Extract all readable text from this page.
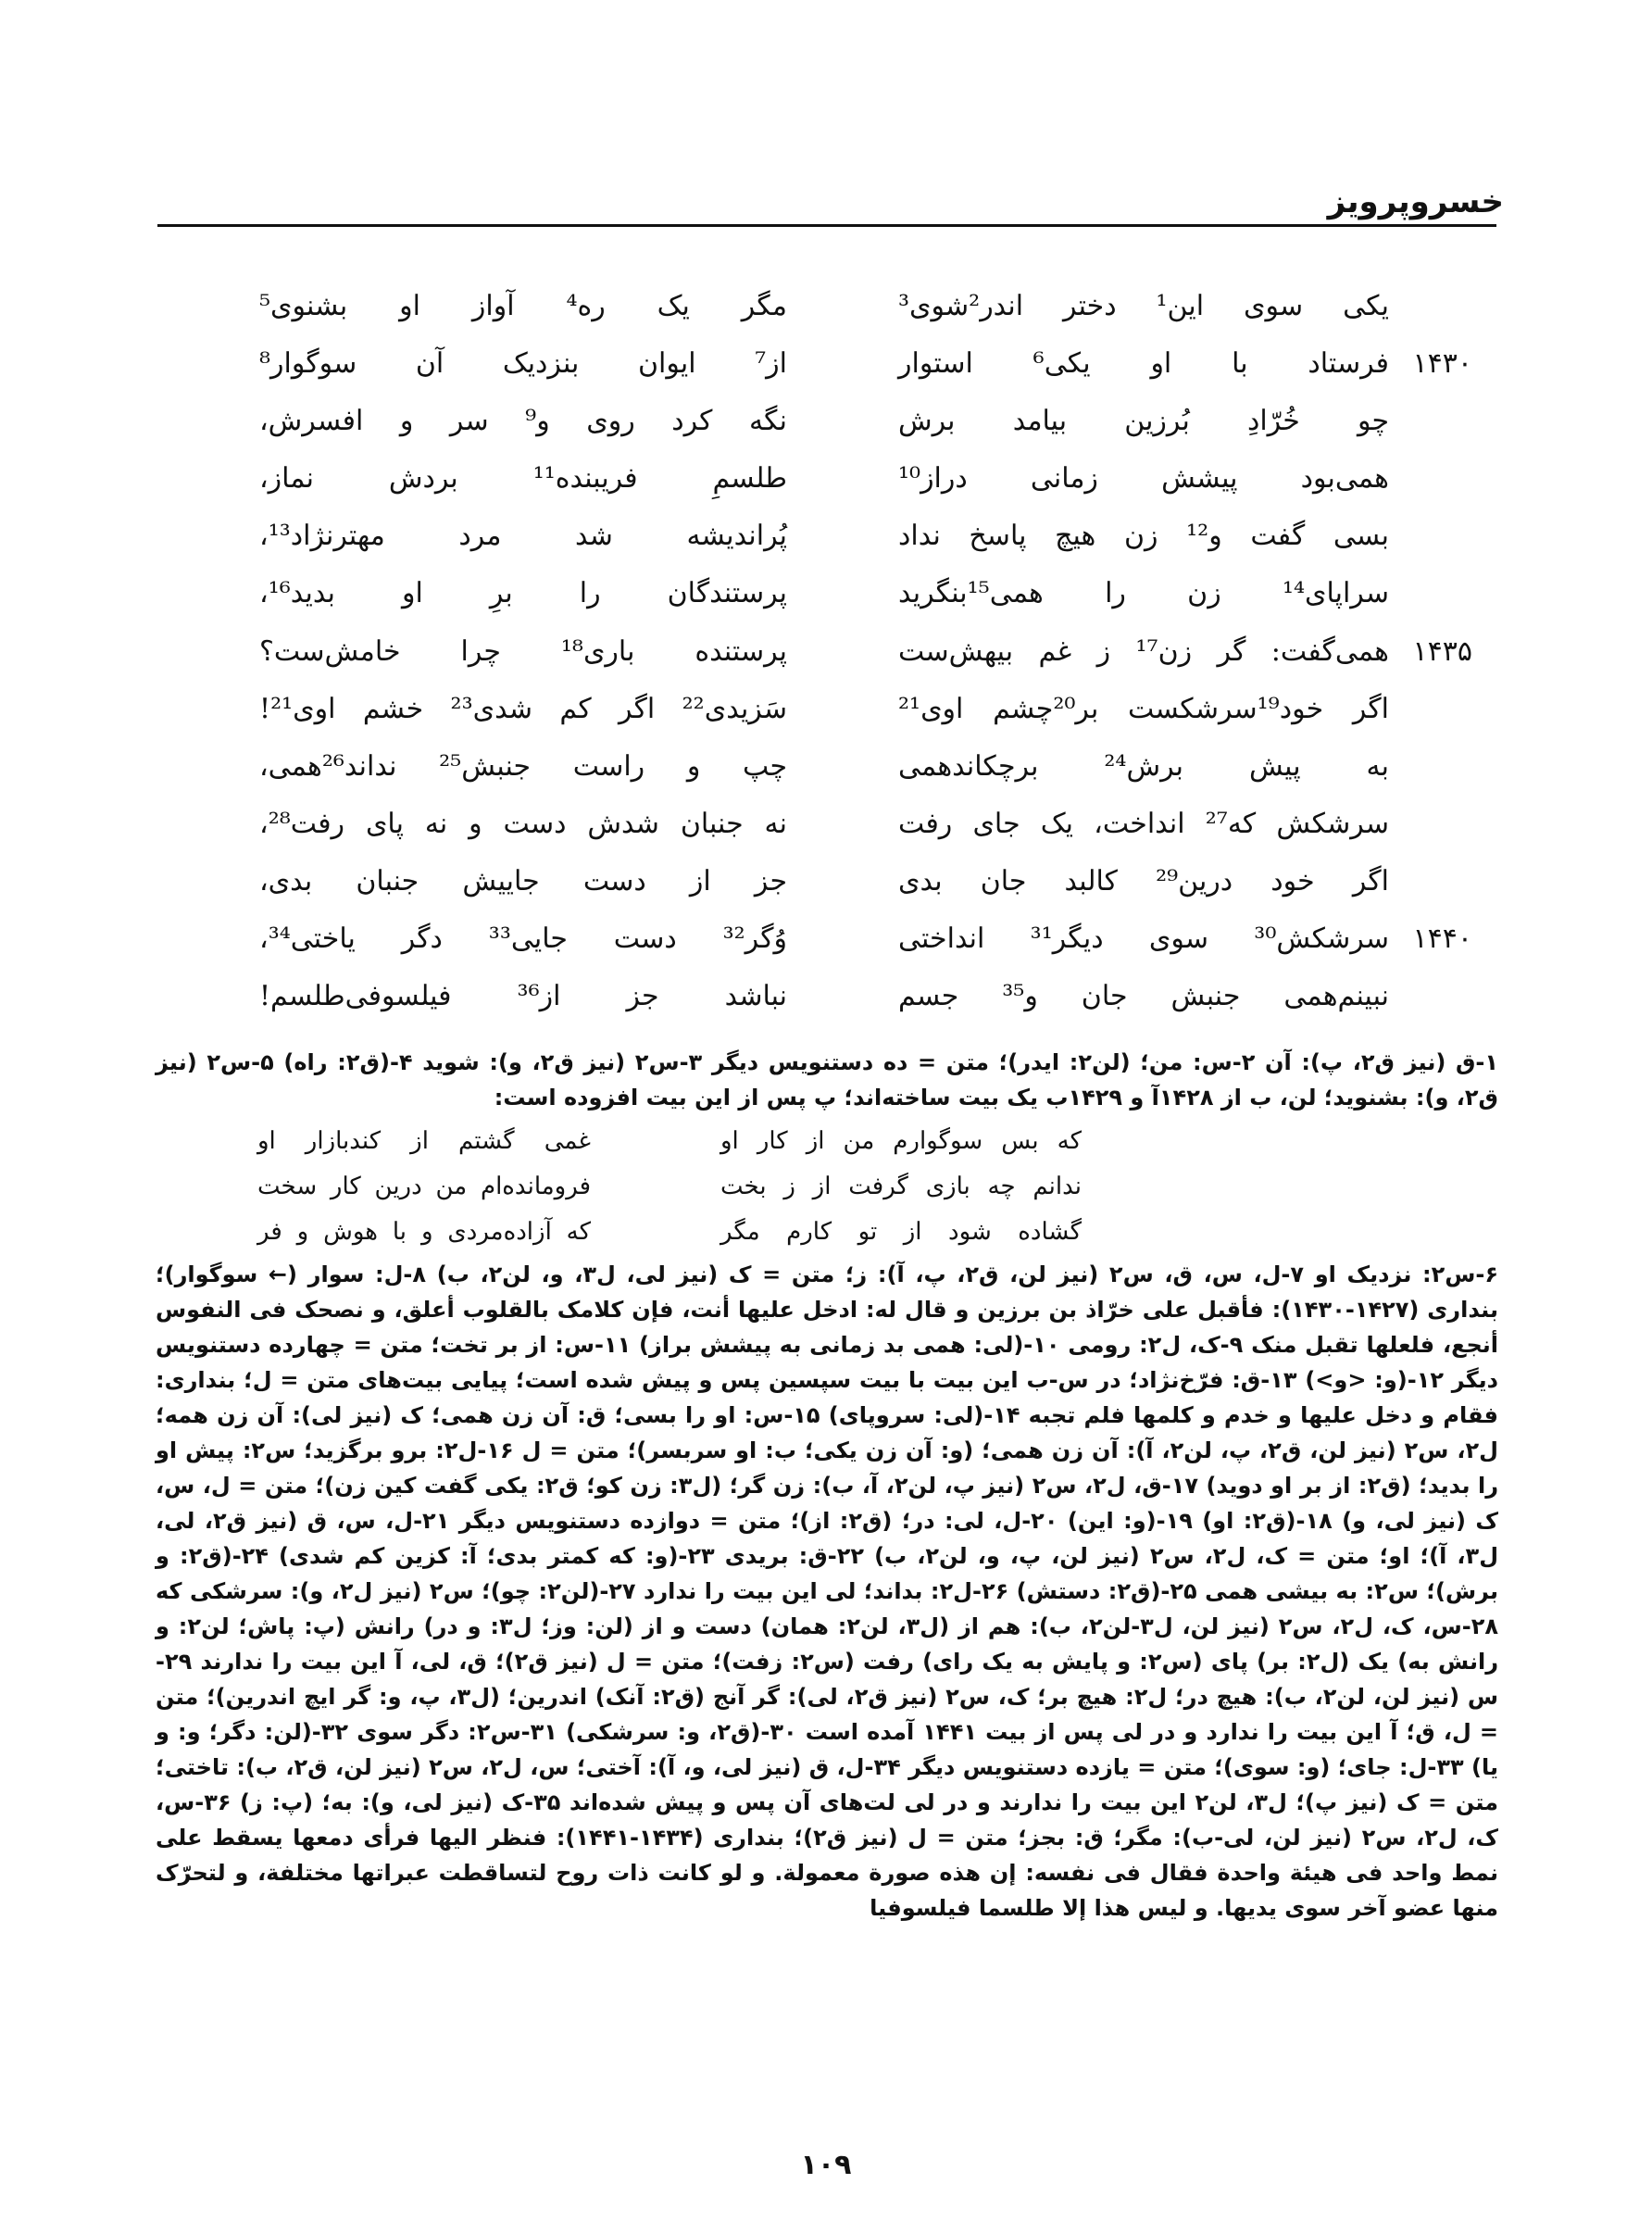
خسروپرویز
یکی سوی این¹ دختر اندر²شوی³
مگر یک ره⁴ آواز او بشنوی⁵
۱۴۳۰
فرستاد با او یکی⁶ استوار
از⁷ ایوان بنزدیک آن سوگوار⁸
چو خُرّادِ بُرزین بیامد برش
نگه کرد روی و⁹ سر و افسرش،
همی‌بود پیشش زمانی دراز¹⁰
طلسمِ فریبنده¹¹ بردش نماز،
بسی گفت و¹² زن هیچ پاسخ نداد
پُراندیشه شد مرد مهترنژاد¹³،
سراپای¹⁴ زن را همی¹⁵بنگرید
پرستندگان را برِ او بدید¹⁶،
۱۴۳۵
همی‌گفت: گر زن¹⁷ ز غم بیهش‌ست
پرستنده باری¹⁸ چرا خامش‌ست؟
اگر خود¹⁹سرشکست بر²⁰چشم اوی²¹
سَزیدی²² اگر کم شدی²³ خشم اوی²¹!
به پیش برش²⁴ برچکاندهمی
چپ و راست جنبش²⁵ نداند²⁶همی،
سرشکش که²⁷ انداخت، یک جای رفت
نه جنبان شدش دست و نه پای رفت²⁸،
اگر خود درین²⁹ کالبد جان بدی
جز از دست جاییش جنبان بدی،
۱۴۴۰
سرشکش³⁰ سوی دیگر³¹ انداختی
وُگر³² دست جایی³³ دگر یاختی³⁴،
نبینم‌همی جنبش جان و³⁵ جسم
نباشد جز از³⁶ فیلسوفی‌طلسم!

۱-ق (نیز ق۲، پ): آن ۲-س: من؛ (لن۲: ایدر)؛ متن = ده دستنویس دیگر ۳-س۲ (نیز ق۲، و): شوید ۴-(ق۲: راه) ۵-س۲ (نیز ق۲، و): بشنوید؛ لن، ب از ۱۴۲۸آ و ۱۴۲۹ب یک بیت ساخته‌اند؛ پ پس از این بیت افزوده است:

که بس سوگوارم من از کار او
غمی گشتم از کندبازار او
ندانم چه بازی گرفت از ز بخت
فروماندەام من درین کار سخت
گشاده شود از تو کارم مگر
که آزاده‌مردی و با هوش و فر

۶-س۲: نزدیک او ۷-ل، س، ق، س۲ (نیز لن، ق۲، پ، آ): ز؛ متن = ک (نیز لی، ل۳، و، لن۲، ب) ۸-ل: سوار (← سوگوار)؛ بنداری (۱۴۲۷-۱۴۳۰): فأقبل علی خرّاذ بن برزین و قال له: ادخل علیها أنت، فإن کلامک بالقلوب أعلق، و نصحک فی النفوس أنجع، فلعلها تقبل منک ۹-ک، ل۲: رومی ۱۰-(لی: همی بد زمانی به پیشش براز) ۱۱-س: از بر تخت؛ متن = چهارده دستنویس دیگر ۱۲-(و: <و>) ۱۳-ق: فرّخ‌نژاد؛ در س-ب این بیت با بیت سپسین پس و پیش شده است؛ پیایی بیت‌های متن = ل؛ بنداری: فقام و دخل علیها و خدم و کلمها فلم تجبه ۱۴-(لی: سروپای) ۱۵-س: او را بسی؛ ق: آن زن همی؛ ک (نیز لی): آن زن همه؛ ل۲، س۲ (نیز لن، ق۲، پ، لن۲، آ): آن زن همی؛ (و: آن زن یکی؛ ب: او سربسر)؛ متن = ل ۱۶-ل۲: برو برگزید؛ س۲: پیش او را بدید؛ (ق۲: از بر او دوید) ۱۷-ق، ل۲، س۲ (نیز پ، لن۲، آ، ب): زن گر؛ (ل۳: زن کو؛ ق۲: یکی گفت کین زن)؛ متن = ل، س، ک (نیز لی، و) ۱۸-(ق۲: او) ۱۹-(و: این) ۲۰-ل، لی: در؛ (ق۲: از)؛ متن = دوازده دستنویس دیگر ۲۱-ل، س، ق (نیز ق۲، لی، ل۳، آ)؛ او؛ متن = ک، ل۲، س۲ (نیز لن، پ، و، لن۲، ب) ۲۲-ق: بریدی ۲۳-(و: که کمتر بدی؛ آ: کزین کم شدی) ۲۴-(ق۲: و برش)؛ س۲: به بیشی همی ۲۵-(ق۲: دستش) ۲۶-ل۲: بداند؛ لی این بیت را ندارد ۲۷-(لن۲: چو)؛ س۲ (نیز ل۲، و): سرشکی که ۲۸-س، ک، ل۲، س۲ (نیز لن، ل۳-لن۲، ب): هم از (ل۳، لن۲: همان) دست و از (لن: وز؛ ل۳: و در) رانش (پ: پاش؛ لن۲: و رانش به) یک (ل۲: بر) پای (س۲: و پایش به یک رای) رفت (س۲: زفت)؛ متن = ل (نیز ق۲)؛ ق، لی، آ این بیت را ندارند ۲۹-س (نیز لن، لن۲، ب): هیچ در؛ ل۲: هیچ بر؛ ک، س۲ (نیز ق۲، لی): گر آنج (ق۲: آنک) اندرین؛ (ل۳، پ، و: گر ایچ اندرین)؛ متن = ل، ق؛ آ این بیت را ندارد و در لی پس از بیت ۱۴۴۱ آمده است ۳۰-(ق۲، و: سرشکی) ۳۱-س۲: دگر سوی ۳۲-(لن: دگر؛ و: و یا) ۳۳-ل: جای؛ (و: سوی)؛ متن = یازده دستنویس دیگر ۳۴-ل، ق (نیز لی، و، آ): آختی؛ س، ل۲، س۲ (نیز لن، ق۲، ب): تاختی؛ متن = ک (نیز پ)؛ ل۳، لن۲ این بیت را ندارند و در لی لت‌های آن پس و پیش شده‌اند ۳۵-ک (نیز لی، و): به؛ (پ: ز) ۳۶-س، ک، ل۲، س۲ (نیز لن، لی-ب): مگر؛ ق: بجز؛ متن = ل (نیز ق۲)؛ بنداری (۱۴۳۴-۱۴۴۱): فنظر الیها فرأی دمعها یسقط علی نمط واحد فی هیئة واحدة فقال فی نفسه: إن هذه صورة معمولة. و لو کانت ذات روح لتساقطت عبراتها مختلفة، و لتحرّک منها عضو آخر سوی یدیها. و لیس هذا إلا طلسما فیلسوفیا

۱۰۹
